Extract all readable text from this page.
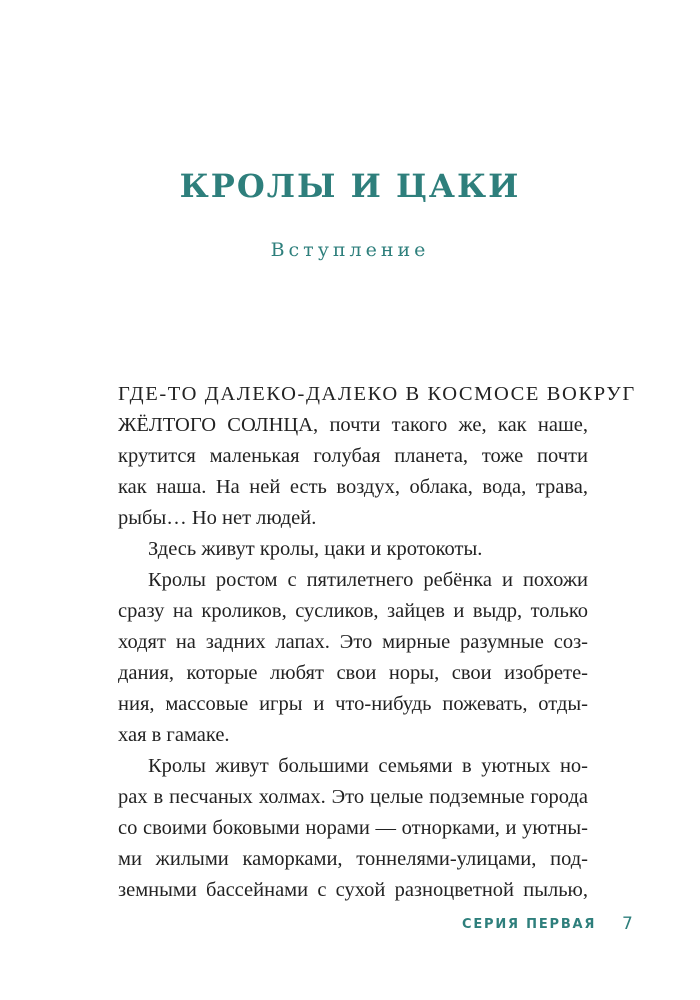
КРОЛЫ И ЦАКИ
Вступление
ГДЕ-ТО ДАЛЕКО-ДАЛЕКО В КОСМОСЕ ВОКРУГ
ЖЁЛТОГО СОЛНЦА, почти такого же, как наше,
крутится маленькая голубая планета, тоже почти
как наша. На ней есть воздух, облака, вода, трава,
рыбы… Но нет людей.
Здесь живут кролы, цаки и кротокоты.
Кролы ростом с пятилетнего ребёнка и похожи
сразу на кроликов, сусликов, зайцев и выдр, только
ходят на задних лапах. Это мирные разумные соз-
дания, которые любят свои норы, свои изобрете-
ния, массовые игры и что-нибудь пожевать, отды-
хая в гамаке.
Кролы живут большими семьями в уютных но-
рах в песчаных холмах. Это целые подземные города
со своими боковыми норами — отнорками, и уютны-
ми жилыми каморками, тоннелями-улицами, под-
земными бассейнами с сухой разноцветной пылью,
СЕРИЯ ПЕРВАЯ 7
